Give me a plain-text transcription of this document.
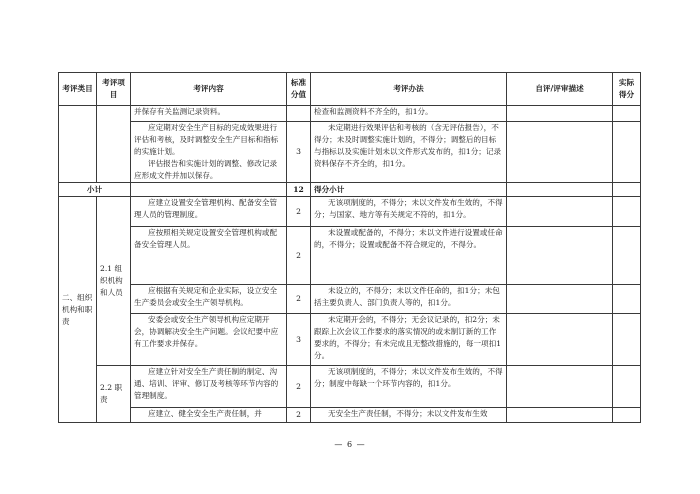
考评类目	考评项目	考评内容	标准分值	考评办法	自评/评审描述	实际得分

		并保存有关监测记录资料。		检查和监测资料不齐全的，扣1分。		

		应定期对安全生产目标的完成效果进行评估和考核，及时调整安全生产目标和指标的实施计划。
评估报告和实施计划的调整、修改记录应形成文件并加以保存。	3	未定期进行效果评估和考核的（含无评估报告），不得分；未及时调整实施计划的，不得分；调整后的目标与指标以及实施计划未以文件形式发布的，扣1分；记录资料保存不齐全的，扣1分。		
小计			12	得分小计		
二、组织机构和职责	2.1 组织机构和人员	应建立设置安全管理机构、配备安全管理人员的管理制度。	2	无该项制度的，不得分；未以文件发布生效的，不得分；与国家、地方等有关规定不符的，扣1分。		
		应按照相关规定设置安全管理机构或配备安全管理人员。	2	未设置或配备的，不得分；未以文件进行设置或任命的，不得分；设置或配备不符合规定的，不得分。		
		应根据有关规定和企业实际，设立安全生产委员会或安全生产领导机构。	2	未设立的，不得分；未以文件任命的，扣1分；未包括主要负责人、部门负责人等的，扣1分。		
		安委会或安全生产领导机构应定期开会，协调解决安全生产问题。会议纪要中应有工作要求并保存。	3	未定期开会的，不得分；无会议记录的，扣2分；未跟踪上次会议工作要求的落实情况的或未制订新的工作要求的，不得分；有未完成且无整改措施的，每一项扣1分。		
	2.2 职责	应建立针对安全生产责任制的制定、沟通、培训、评审、修订及考核等环节内容的管理制度。	2	无该项制度的，不得分；未以文件发布生效的，不得分；制度中每缺一个环节内容的，扣1分。		
		应建立、健全安全生产责任制，并	2	无安全生产责任制，不得分；未以文件发布生效		
— 6 —
